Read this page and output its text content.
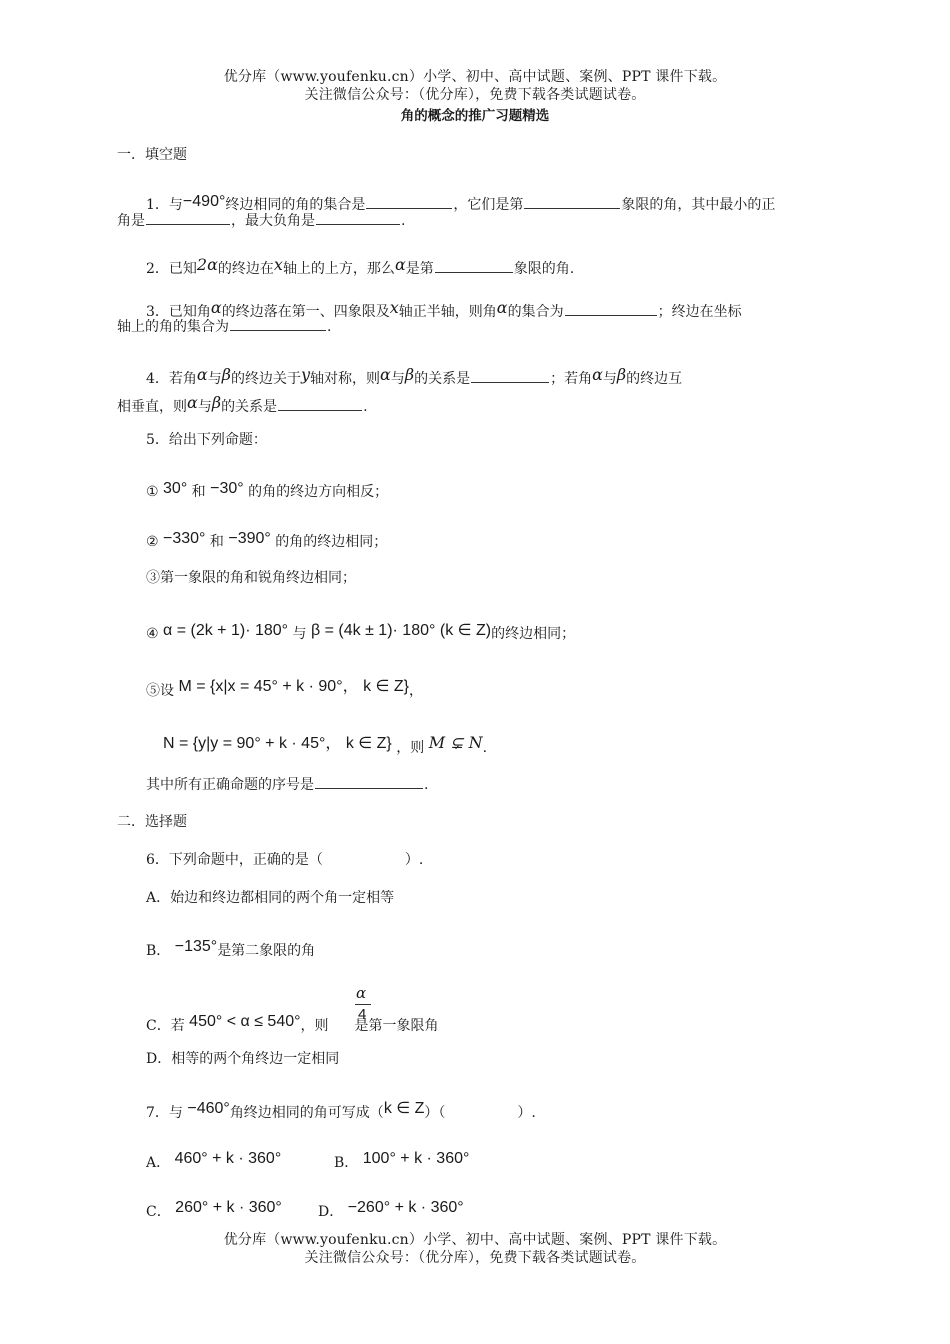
优分库（www.youfenku.cn）小学、初中、高中试题、案例、PPT 课件下载。
关注微信公众号：（优分库），免费下载各类试题试卷。
角的概念的推广习题精选
一．填空题
1．与−490°终边相同的角的集合是	，它们是第	象限的角，其中最小的正
角是	，最大负角是	.
2．已知2α的终边在x轴上的上方，那么α是第	象限的角.
3．已知角α的终边落在第一、四象限及x轴正半轴，则角α的集合为	；终边在坐标
轴上的角的集合为	.
4．若角α与β的终边关于y轴对称，则α与β的关系是	；若角α与β的终边互
相垂直，则α与β的关系是	.
5．给出下列命题：
① 30° 和 −30° 的角的终边方向相反；
② −330° 和 −390° 的角的终边相同；
③第一象限的角和锐角终边相同；
④ α = (2k + 1)· 180° 与 β = (4k ± 1)· 180° (k ∈ Z)的终边相同；
⑤设 M = {x|x = 45° + k · 90°， k ∈ Z}，
N = {y|y = 90° + k · 45°， k ∈ Z} ，则 M ⊊ N.
其中所有正确命题的序号是	.
二．选择题
6．下列命题中，正确的是（	）.
A．始边和终边都相同的两个角一定相等
B． −135°是第二象限的角
C．若 450° < α ≤ 540°，则 是第一象限角
α
4
D．相等的两个角终边一定相同
7．与 −460°角终边相同的角可写成（k ∈ Z）（	）.
A． 460° + k · 360°	B． 100° + k · 360°
C． 260° + k · 360°	D． −260° + k · 360°
优分库（www.youfenku.cn）小学、初中、高中试题、案例、PPT 课件下载。
关注微信公众号：（优分库），免费下载各类试题试卷。
